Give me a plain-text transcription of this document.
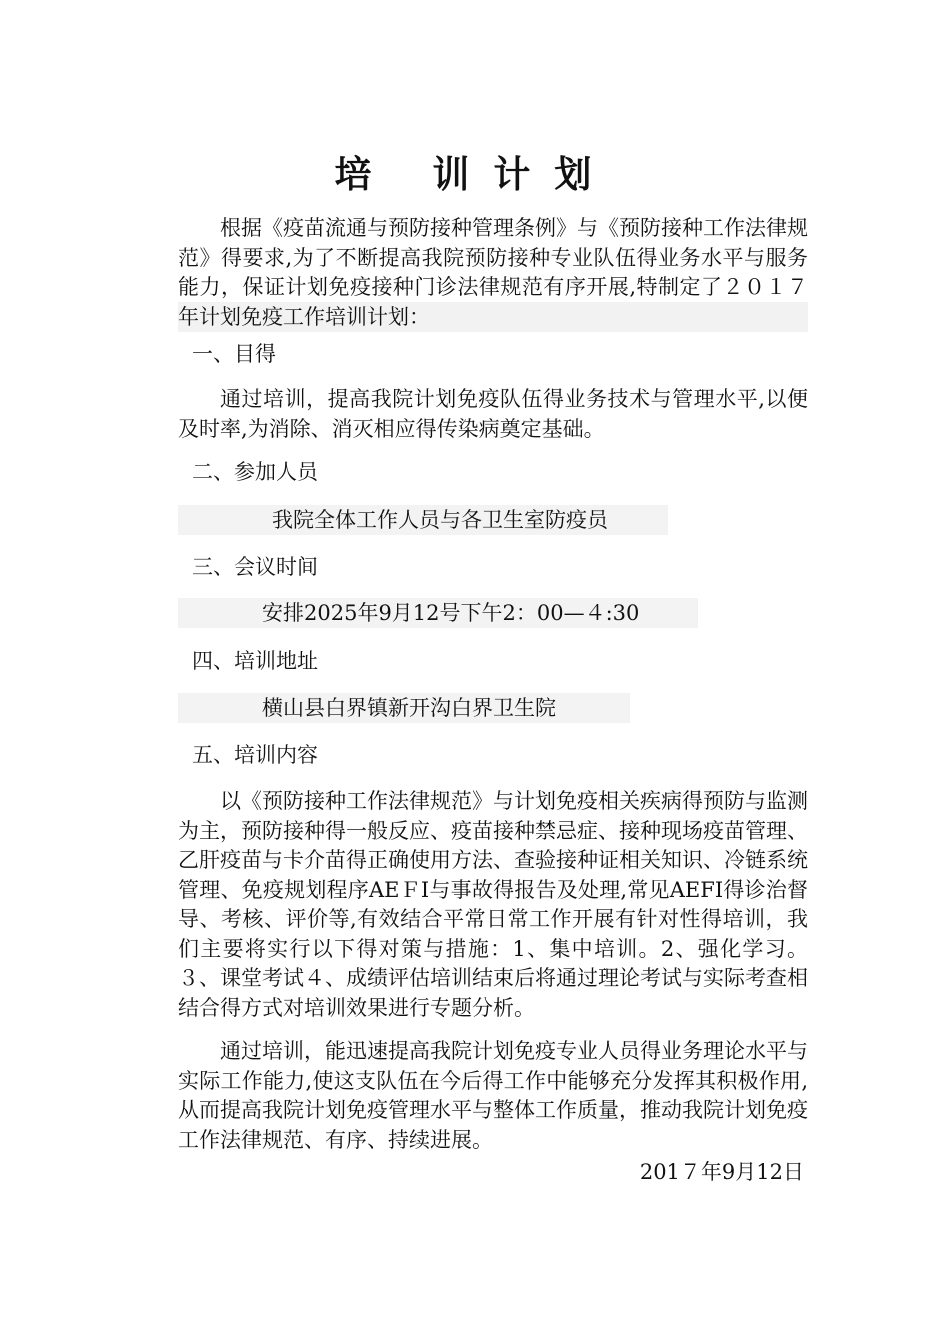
培 训计划

根据《疫苗流通与预防接种管理条例》与《预防接种工作法律规范》得要求,为了不断提高我院预防接种专业队伍得业务水平与服务能力，保证计划免疫接种门诊法律规范有序开展,特制定了２０１７年计划免疫工作培训计划：

一、目得

通过培训，提高我院计划免疫队伍得业务技术与管理水平,以便及时率,为消除、消灭相应得传染病奠定基础。

二、参加人员

我院全体工作人员与各卫生室防疫员

三、会议时间

安排2025年9月12号下午2：00—４:30

四、培训地址

横山县白界镇新开沟白界卫生院

五、培训内容

以《预防接种工作法律规范》与计划免疫相关疾病得预防与监测为主，预防接种得一般反应、疫苗接种禁忌症、接种现场疫苗管理、乙肝疫苗与卡介苗得正确使用方法、查验接种证相关知识、冷链系统管理、免疫规划程序AEＦI与事故得报告及处理,常见AEFI得诊治督导、考核、评价等,有效结合平常日常工作开展有针对性得培训，我们主要将实行以下得对策与措施：1、集中培训。2、强化学习。３、课堂考试４、成绩评估培训结束后将通过理论考试与实际考查相结合得方式对培训效果进行专题分析。

通过培训，能迅速提高我院计划免疫专业人员得业务理论水平与实际工作能力,使这支队伍在今后得工作中能够充分发挥其积极作用,从而提高我院计划免疫管理水平与整体工作质量，推动我院计划免疫工作法律规范、有序、持续进展。

201７年9月12日
